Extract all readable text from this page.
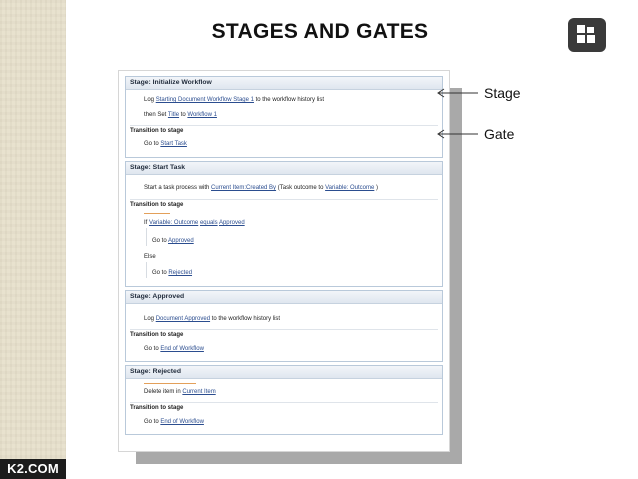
K2.COM
STAGES AND GATES
Stage: Initialize Workflow
Log Starting Document Workflow Stage 1 to the workflow history list
then Set Title to Workflow 1
Transition to stage
Go to Start Task
Stage: Start Task
Start a task process with Current Item:Created By (Task outcome to Variable: Outcome )
Transition to stage
If Variable: Outcome equals Approved
Go to Approved
Else
Go to Rejected
Stage: Approved
Log Document Approved to the workflow history list
Transition to stage
Go to End of Workflow
Stage: Rejected
Delete item in Current Item
Transition to stage
Go to End of Workflow
Stage
Gate
